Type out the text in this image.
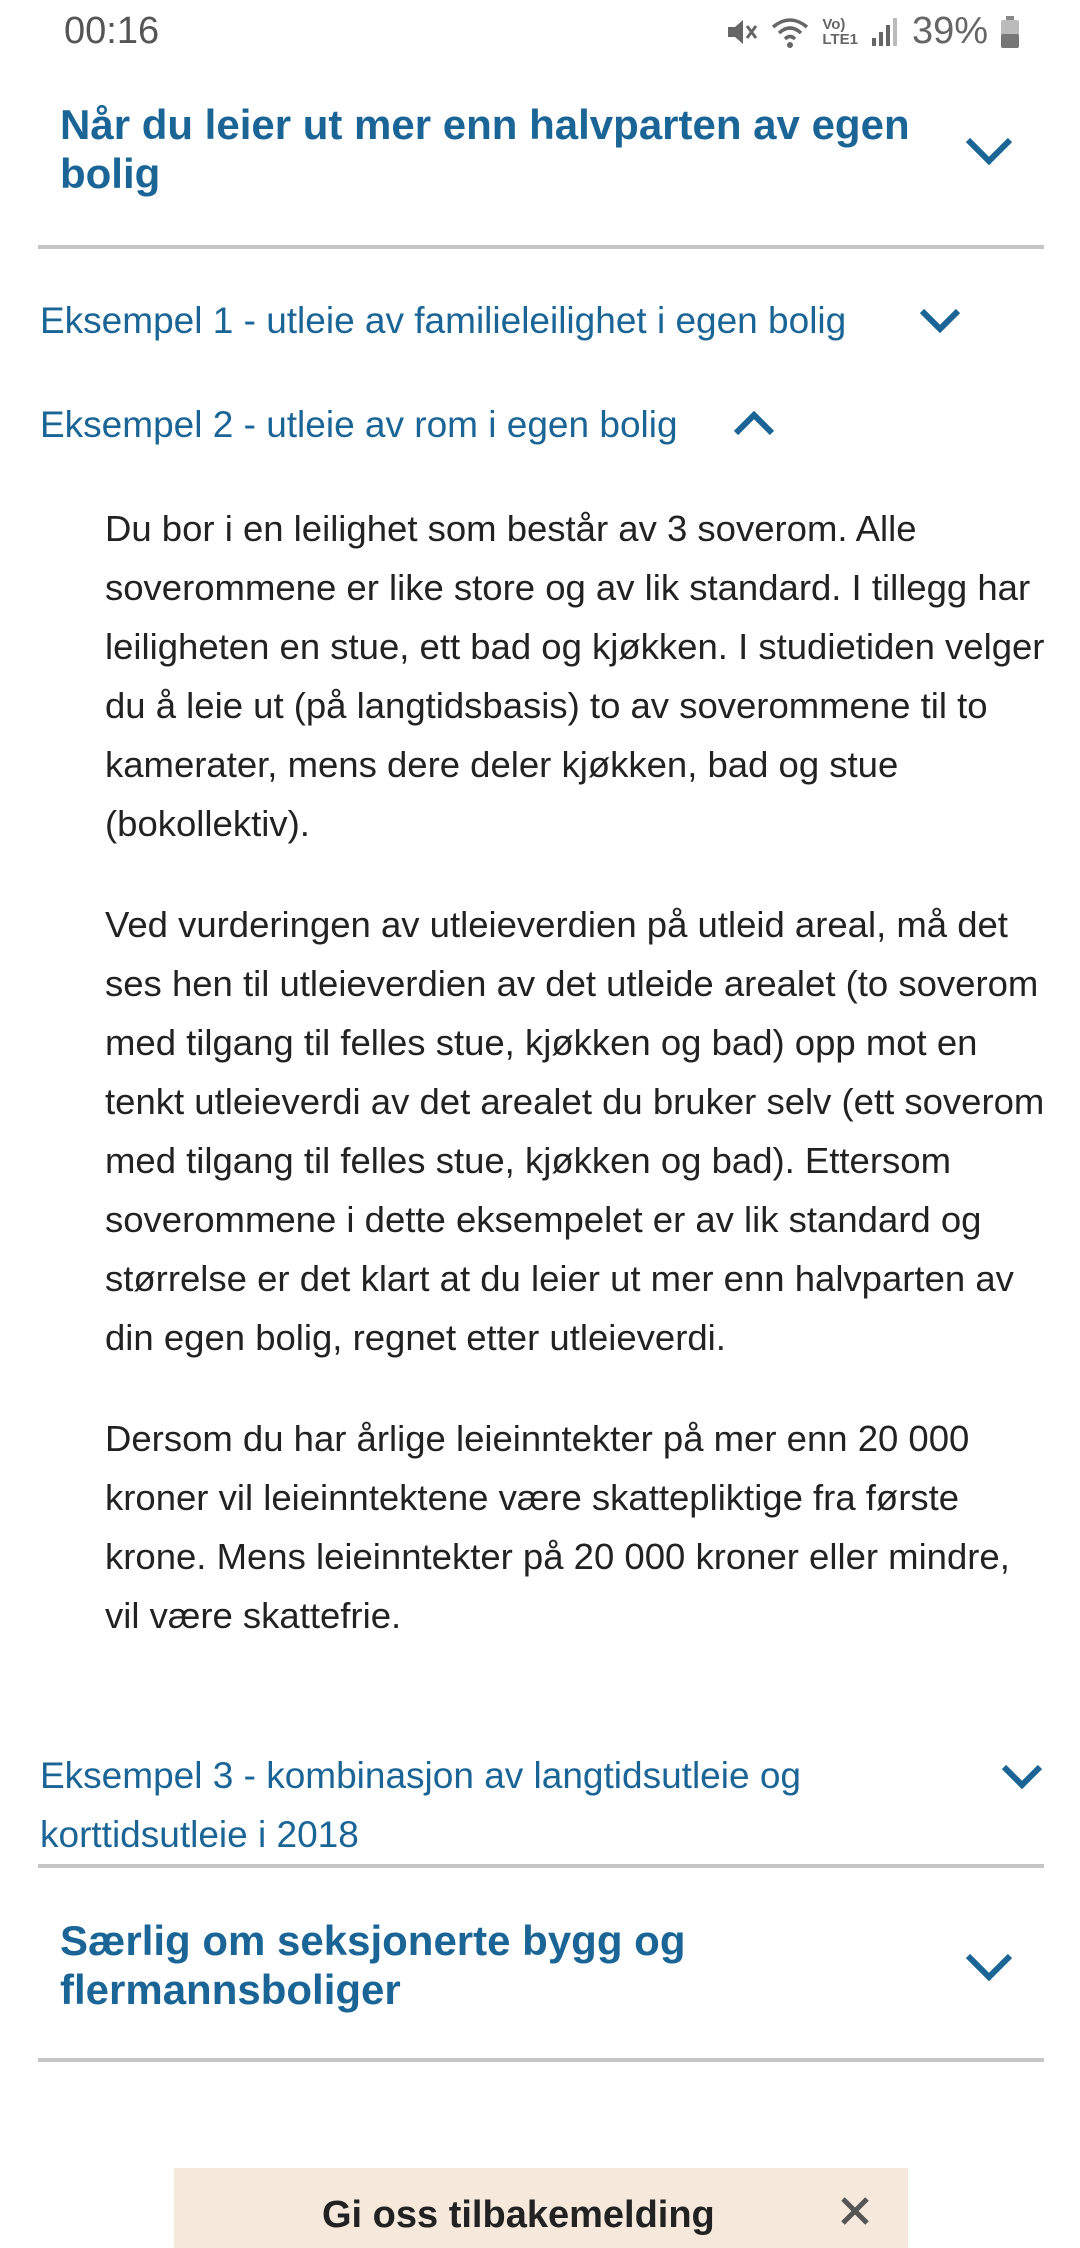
00:16	Vo)
LTE1 39%
Når du leier ut mer enn halvparten av egen bolig
Eksempel 1 - utleie av familieleilighet i egen bolig
Eksempel 2 - utleie av rom i egen bolig

Du bor i en leilighet som består av 3 soverom. Alle soverommene er like store og av lik standard. I tillegg har leiligheten en stue, ett bad og kjøkken. I studietiden velger du å leie ut (på langtidsbasis) to av soverommene til to kamerater, mens dere deler kjøkken, bad og stue (bokollektiv).

Ved vurderingen av utleieverdien på utleid areal, må det ses hen til utleieverdien av det utleide arealet (to soverom med tilgang til felles stue, kjøkken og bad) opp mot en tenkt utleieverdi av det arealet du bruker selv (ett soverom med tilgang til felles stue, kjøkken og bad). Ettersom soverommene i dette eksempelet er av lik standard og størrelse er det klart at du leier ut mer enn halvparten av din egen bolig, regnet etter utleieverdi.

Dersom du har årlige leieinntekter på mer enn 20 000 kroner vil leieinntektene være skattepliktige fra første krone. Mens leieinntekter på 20 000 kroner eller mindre, vil være skattefrie.

Eksempel 3 - kombinasjon av langtidsutleie og korttidsutleie i 2018
Særlig om seksjonerte bygg og flermannsboliger
Gi oss tilbakemelding
